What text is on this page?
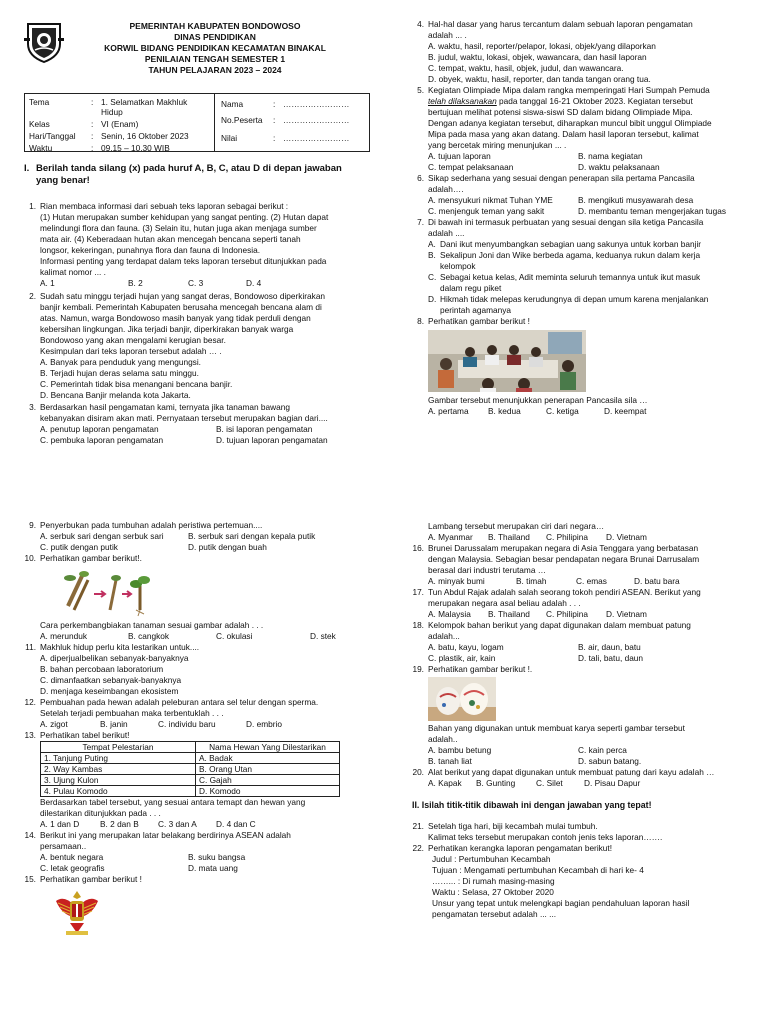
PEMERINTAH KABUPATEN BONDOWOSO
DINAS PENDIDIKAN
KORWIL BIDANG PENDIDIKAN KECAMATAN BINAKAL
PENILAIAN TENGAH SEMESTER 1
TAHUN PELAJARAN 2023 – 2024
Tema	:	1. Selamatkan Makhluk Hidup
Kelas	:	VI (Enam)
Hari/Tanggal	:	Senin, 16 Oktober 2023
Waktu	:	09.15 – 10.30 WIB
Nama	:	……………………
No.Peserta	:	……………………
Nilai	:	……………………
I. Berilah tanda silang (x) pada huruf A, B, C, atau D di depan jawaban
yang benar!
1. Rian membaca informasi dari sebuah teks laporan sebagai berikut :
(1) Hutan merupakan sumber kehidupan yang sangat penting. (2) Hutan dapat
melindungi flora dan fauna. (3) Selain itu, hutan juga akan menjaga sumber
mata air. (4) Keberadaan hutan akan mencegah bencana seperti tanah
longsor, kekeringan, punahnya flora dan fauna di Indonesia.
Informasi penting yang terdapat dalam teks laporan tersebut ditunjukkan pada
kalimat nomor ... .
A. 1	B. 2	C. 3	D. 4
2. Sudah satu minggu terjadi hujan yang sangat deras, Bondowoso diperkirakan
banjir kembali. Pemerintah Kabupaten berusaha mencegah bencana alam di
atas. Namun, warga Bondowoso masih banyak yang tidak perduli dengan
kebersihan lingkungan. Jika terjadi banjir, diperkirakan banyak warga
Bondowoso yang akan mengalami kerugian besar.
Kesimpulan dari teks laporan tersebut adalah … .
A. Banyak para penduduk yang mengungsi.
B. Terjadi hujan deras selama satu minggu.
C. Pemerintah tidak bisa menangani bencana banjir.
D. Bencana Banjir melanda kota Jakarta.
3. Berdasarkan hasil pengamatan kami, ternyata jika tanaman bawang
kebanyakan disiram akan mati. Pernyataan tersebut merupakan bagian dari....
A. penutup laporan pengamatan	B. isi laporan pengamatan
C. pembuka laporan pengamatan	D. tujuan laporan pengamatan
4. Hal-hal dasar yang harus tercantum dalam sebuah laporan pengamatan
adalah ... .
A. waktu, hasil, reporter/pelapor, lokasi, objek/yang dilaporkan
B. judul, waktu, lokasi, objek, wawancara, dan hasil laporan
C. tempat, waktu, hasil, objek, judul, dan wawancara.
D. obyek, waktu, hasil, reporter, dan tanda tangan orang tua.
5. Kegiatan Olimpiade Mipa dalam rangka memperingati Hari Sumpah Pemuda
telah dilaksanakan pada tanggal 16-21 Oktober 2023. Kegiatan tersebut
bertujuan melihat potensi siswa-siswi SD dalam bidang Olimpiade Mipa.
Dengan adanya kegiatan tersebut, diharapkan muncul bibit unggul Olimpiade
Mipa pada masa yang akan datang. Dalam hasil laporan tersebut, kalimat
yang bercetak miring menunjukan ... .
A. tujuan laporan	B. nama kegiatan
C. tempat pelaksanaan	D. waktu pelaksanaan
6. Sikap sederhana yang sesuai dengan penerapan sila pertama Pancasila
adalah….
A. mensyukuri nikmat Tuhan YME	B. mengikuti musyawarah desa
C. menjenguk teman yang sakit	D. membantu teman mengerjakan tugas
7. Di bawah ini termasuk perbuatan yang sesuai dengan sila ketiga Pancasila
adalah ....
A. Dani ikut menyumbangkan sebagian uang sakunya untuk korban banjir
B. Sekalipun Joni dan Wike berbeda agama, keduanya rukun dalam kerja
kelompok
C. Sebagai ketua kelas, Adit meminta seluruh temannya untuk ikut masuk
dalam regu piket
D. Hikmah tidak melepas kerudungnya di depan umum karena menjalankan
perintah agamanya
8. Perhatikan gambar berikut !
Gambar tersebut menunjukkan penerapan Pancasila sila …
A. pertama	B. kedua	C. ketiga	D. keempat
9. Penyerbukan pada tumbuhan adalah peristiwa pertemuan....
A. serbuk sari dengan serbuk sari	B. serbuk sari dengan kepala putik
C. putik dengan putik	D. putik dengan buah
10. Perhatikan gambar berikut!.
Cara perkembangbiakan tanaman sesuai gambar adalah . . .
A. merunduk	B. cangkok	C. okulasi	D. stek
11. Makhluk hidup perlu kita lestarikan untuk....
A. diperjualbelikan sebanyak-banyaknya
B. bahan percobaan laboratorium
C. dimanfaatkan sebanyak-banyaknya
D. menjaga keseimbangan ekosistem
12. Pembuahan pada hewan adalah peleburan antara sel telur dengan sperma.
Setelah terjadi pembuahan maka terbentuklah . . .
A. zigot	B. janin	C. individu baru	D. embrio
13. Perhatikan tabel berikut!
Tempat Pelestarian	Nama Hewan Yang Dilestarikan
1. Tanjung Puting	A. Badak
2. Way Kambas	B. Orang Utan
3. Ujung Kulon	C. Gajah
4. Pulau Komodo	D. Komodo
Berdasarkan tabel tersebut, yang sesuai antara temapt dan hewan yang
dilestarikan ditunjukkan pada . . .
A. 1 dan D	B. 2 dan B	C. 3 dan A	D. 4 dan C
14. Berikut ini yang merupakan latar belakang berdirinya ASEAN adalah
persamaan..
A. bentuk negara	B. suku bangsa
C. letak geografis	D. mata uang
15. Perhatikan gambar berikut !
Lambang tersebut merupakan ciri dari negara…
A. Myanmar	B. Thailand	C. Philipina	D. Vietnam
16. Brunei Darussalam merupakan negara di Asia Tenggara yang berbatasan
dengan Malaysia. Sebagian besar pendapatan negara Brunai Darrusalam
berasal dari industri terutama …
A. minyak bumi	B. timah	C. emas	D. batu bara
17. Tun Abdul Rajak adalah salah seorang tokoh pendiri ASEAN. Berikut yang
merupakan negara asal beliau adalah . . .
A. Malaysia	B. Thailand	C. Philipina	D. Vietnam
18. Kelompok bahan berikut yang dapat digunakan dalam membuat patung
adalah...
A. batu, kayu, logam	B. air, daun, batu
C. plastik, air, kain	D. tali, batu, daun
19. Perhatikan gambar berikut !.
Bahan yang digunakan untuk membuat karya seperti gambar tersebut
adalah..
A. bambu betung	C. kain perca
B. tanah liat	D. sabun batang.
20. Alat berikut yang dapat digunakan untuk membuat patung dari kayu adalah …
A. Kapak	B. Gunting	C. Silet	D. Pisau Dapur
II. Isilah titik-titik dibawah ini dengan jawaban yang tepat!
21. Setelah tiga hari, biji kecambah mulai tumbuh.
Kalimat teks tersebut merupakan contoh jenis teks laporan…….
22. Perhatikan kerangka laporan pengamatan berikut!
Judul : Pertumbuhan Kecambah
Tujuan : Mengamati pertumbuhan Kecambah di hari ke- 4
……... : Di rumah masing-masing
Waktu : Selasa, 27 Oktober 2020
Unsur yang tepat untuk melengkapi bagian pendahuluan laporan hasil
pengamatan tersebut adalah ... ...
